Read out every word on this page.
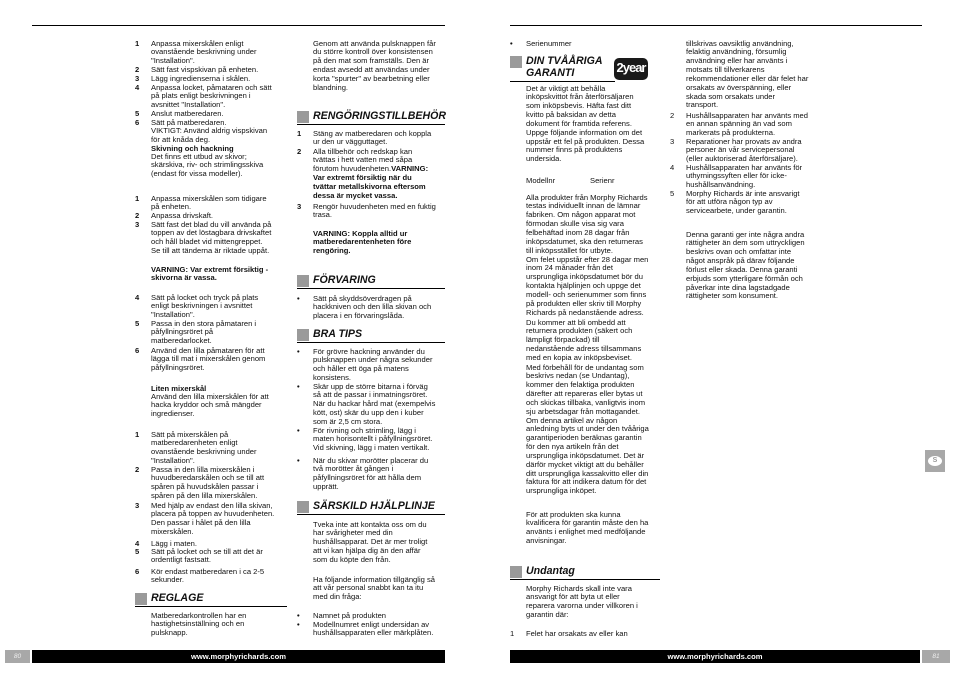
1 Anpassa mixerskålen enligt
ovanstående beskrivning under
"Installation".
2 Sätt fast vispskivan på enheten.
3 Lägg ingredienserna i skålen.
4 Anpassa locket, påmataren och sätt
på plats enligt beskrivningen i
avsnittet "Installation".
5 Anslut matberedaren.
6 Sätt på matberedaren.
VIKTIGT: Använd aldrig vispskivan
för att knåda deg.
Skivning och hackning
Det finns ett utbud av skivor;
skärskiva, riv- och strimlingsskiva
(endast för vissa modeller).
1 Anpassa mixerskålen som tidigare
på enheten.
2 Anpassa drivskaft.
3 Sätt fast det blad du vill använda på
toppen av det löstagbara drivskaftet
och håll bladet vid mittengreppet.
Se till att tänderna är riktade uppåt.
VARNING: Var extremt försiktig -
skivorna är vassa.
4 Sätt på locket och tryck på plats
enligt beskrivningen i avsnittet
"Installation".
5 Passa in den stora påmataren i
påfyllningsröret på
matberedarlocket.
6 Använd den lilla påmataren för att
lägga till mat i mixerskålen genom
påfyllningsröret.
Liten mixerskål
Använd den lilla mixerskålen för att
hacka kryddor och små mängder
ingredienser.
1 Sätt på mixerskålen på
matberedarenheten enligt
ovanstående beskrivning under
"Installation".
2 Passa in den lilla mixerskålen i
huvudberedarskålen och se till att
spåren på huvudskålen passar i
spåren på den lilla mixerskålen.
3 Med hjälp av endast den lilla skivan,
placera på toppen av huvudenheten.
Den passar i hålet på den lilla
mixerskålen.
4 Lägg i maten.
5 Sätt på locket och se till att det är
ordentligt fastsatt.
6 Kör endast matberedaren i ca 2-5
sekunder.
REGLAGE
Matberedarkontrollen har en
hastighetsinställning och en
pulsknapp.
Genom att använda pulsknappen får
du större kontroll över konsistensen
på den mat som framställs. Den är
endast avsedd att användas under
korta "spurter" av bearbetning eller
blandning.
RENGÖRINGSTILLBEHÖR
1 Stäng av matberedaren och koppla
ur den ur vägguttaget.
2 Alla tillbehör och redskap kan
tvättas i hett vatten med såpa
förutom huvudenheten.VARNING:
Var extremt försiktig när du
tvättar metallskivorna eftersom
dessa är mycket vassa.
3 Rengör huvudenheten med en fuktig
trasa.
VARNING: Koppla alltid ur
matberedarentenheten före
rengöring.
FÖRVARING
• Sätt på skyddsöverdragen på
hackkniven och den lilla skivan och
placera i en förvaringslåda.
BRA TIPS
• För grövre hackning använder du
pulsknappen under några sekunder
och håller ett öga på matens
konsistens.
• Skär upp de större bitarna i förväg
så att de passar i inmatningsröret.
När du hackar hård mat (exempelvis
kött, ost) skär du upp den i kuber
som är 2,5 cm stora.
• För rivning och strimling, lägg i
maten horisontellt i påfyllningsröret.
Vid skivning, lägg i maten vertikalt.
• När du skivar morötter placerar du
två morötter åt gången i
påfyllningsröret för att hålla dem
upprätt.
SÄRSKILD HJÄLPLINJE
Tveka inte att kontakta oss om du
har svårigheter med din
hushållsapparat. Det är mer troligt
att vi kan hjälpa dig än den affär
som du köpte den från.
Ha följande information tillgänglig så
att vår personal snabbt kan ta itu
med din fråga:
• Namnet på produkten
• Modellnumret enligt undersidan av
hushållsapparaten eller märkplåten.
• Serienummer
DIN TVÅÅRIGA
GARANTI
Det är viktigt att behålla
inköpskvittot från återförsäljaren
som inköpsbevis. Häfta fast ditt
kvitto på baksidan av detta
dokument för framtida referens.
Uppge följande information om det
uppstår ett fel på produkten. Dessa
nummer finns på produktens
undersida.
Modellnr	Serienr
Alla produkter från Morphy Richards
testas individuellt innan de lämnar
fabriken. Om någon apparat mot
förmodan skulle visa sig vara
felbehäftad inom 28 dagar från
inköpsdatumet, ska den returneras
till inköpsstället för utbyte.
Om felet uppstår efter 28 dagar men
inom 24 månader från det
ursprungliga inköpsdatumet bör du
kontakta hjälplinjen och uppge det
modell- och serienummer som finns
på produkten eller skriv till Morphy
Richards på nedanstående adress.
Du kommer att bli ombedd att
returnera produkten (säkert och
lämpligt förpackad) till
nedanstående adress tillsammans
med en kopia av inköpsbeviset.
Med förbehåll för de undantag som
beskrivs nedan (se Undantag),
kommer den felaktiga produkten
därefter att repareras eller bytas ut
och skickas tillbaka, vanligtvis inom
sju arbetsdagar från mottagandet.
Om denna artikel av någon
anledning byts ut under den tvååriga
garantiperioden beräknas garantin
för den nya artikeln från det
ursprungliga inköpsdatumet. Det är
därför mycket viktigt att du behåller
ditt ursprungliga kassakvitto eller din
faktura för att indikera datum för det
ursprungliga inköpet.
För att produkten ska kunna
kvalificera för garantin måste den ha
använts i enlighet med medföljande
anvisningar.
Undantag
Morphy Richards skall inte vara
ansvarigt för att byta ut eller
reparera varorna under villkoren i
garantin där:
1 Felet har orsakats av eller kan
tillskrivas oavsiktlig användning,
felaktig användning, försumlig
användning eller har använts i
motsats till tillverkarens
rekommendationer eller där felet har
orsakats av överspänning, eller
skada som orsakats under
transport.
2 Hushållsapparaten har använts med
en annan spänning än vad som
markerats på produkterna.
3 Reparationer har provats av andra
personer än vår servicepersonal
(eller auktoriserad återförsäljare).
4 Hushållsapparaten har använts för
uthyrningssyften eller för icke-
hushållsanvändning.
5 Morphy Richards är inte ansvarigt
för att utföra någon typ av
servicearbete, under garantin.
Denna garanti ger inte några andra
rättigheter än dem som uttryckligen
beskrivs ovan och omfattar inte
något anspråk på därav följande
förlust eller skada. Denna garanti
erbjuds som ytterligare förmån och
påverkar inte dina lagstadgade
rättigheter som konsument.
2year
S
80	www.morphyrichards.com	www.morphyrichards.com	81
